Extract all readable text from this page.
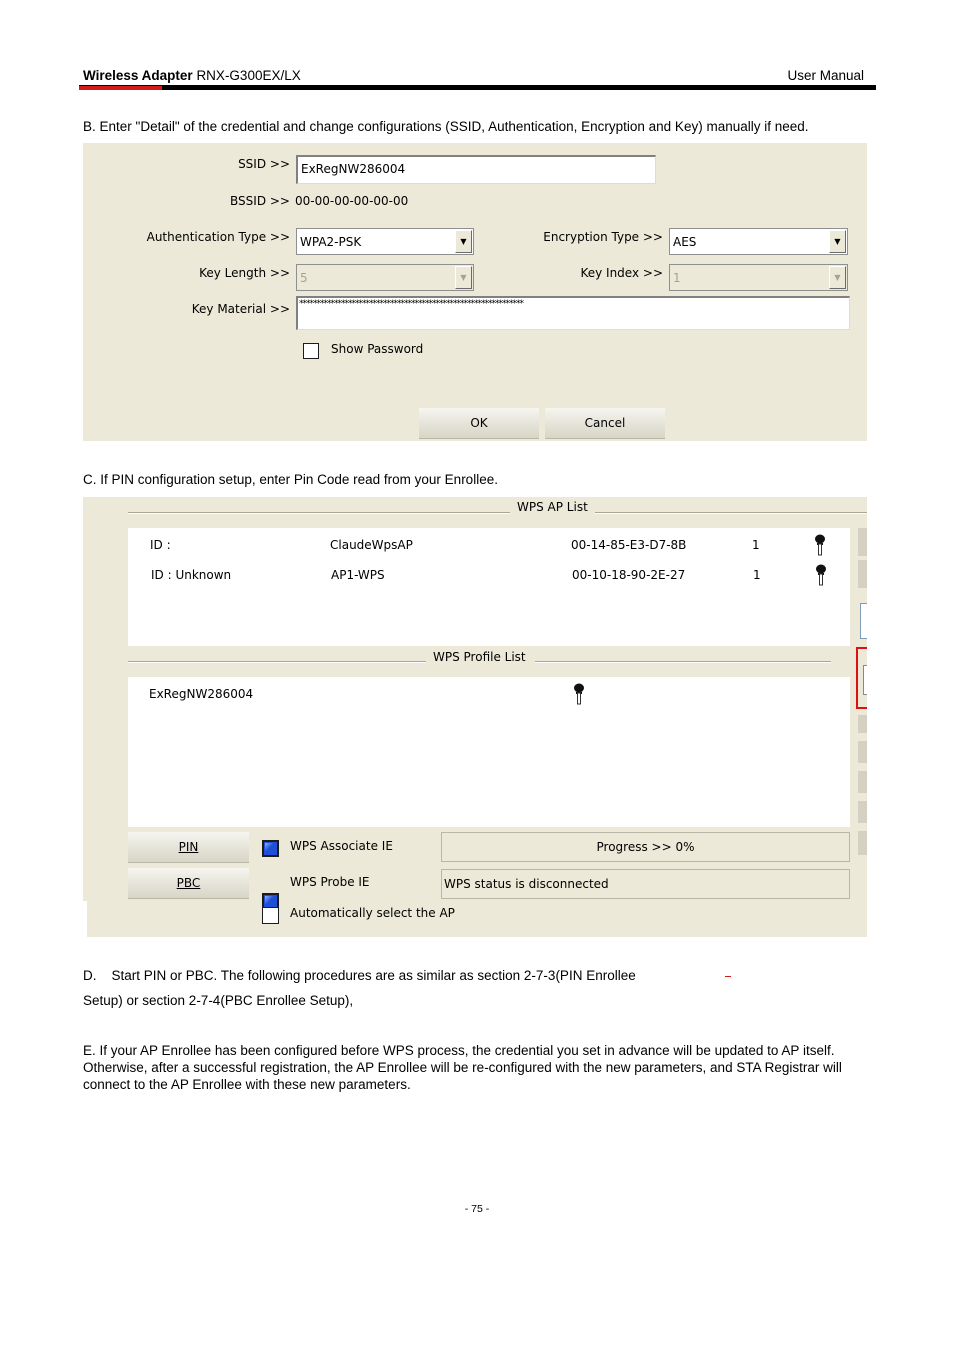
Wireless Adapter RNX-G300EX/LX	User Manual
B. Enter "Detail" of the credential and change configurations (SSID, Authentication, Encryption and Key) manually if need.
SSID >> ExRegNW286004
BSSID >> 00-00-00-00-00-00
Authentication Type >> WPA2-PSK	▼	Encryption Type >> AES	▼
Key Length >> 5	▼	Key Index >> 1	▼
Key Material >>	****************************************************************
Show Password
OK	Cancel
C. If PIN configuration setup, enter Pin Code read from your Enrollee.
WPS AP List
ID :	ClaudeWpsAP	00-14-85-E3-D7-8B	1
ID : Unknown	AP1-WPS	00-10-18-90-2E-27	1
WPS Profile List
ExRegNW286004
PIN
PBC
WPS Associate IE
WPS Probe IE
Automatically select the AP
Progress >> 0%
WPS status is disconnected
D.    Start PIN or PBC. The following procedures are as similar as section 2-7-3(PIN Enrollee
Setup) or section 2-7-4(PBC Enrollee Setup),
E. If your AP Enrollee has been configured before WPS process, the credential you set in advance will be updated to AP itself. Otherwise, after a successful registration, the AP Enrollee will be re-configured with the new parameters, and STA Registrar will connect to the AP Enrollee with these new parameters.
- 75 -
